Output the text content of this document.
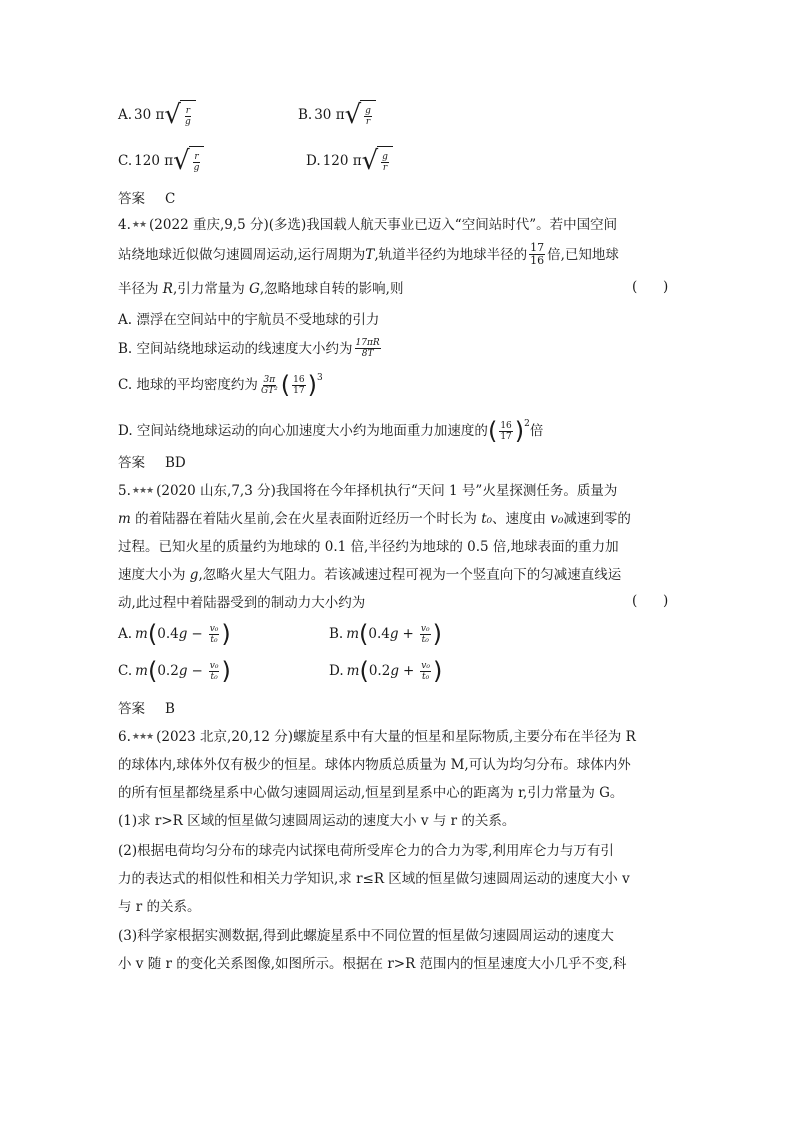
A. 30 π √ $\frac{r}{g}$	B. 30 π √ $\frac{g}{r}$
C. 120 π √ $\frac{r}{g}$	D. 120 π √ $\frac{g}{r}$
答案 C
4.★★ (2022 重庆,9,5 分)(多选)我国载人航天事业已迈入“空间站时代”。若中国空间
站绕地球近似做匀速圆周运动,运行周期为 T ,轨道半径约为地球半径的 $\frac{17}{16}$ 倍,已知地球
半径为 R,引力常量为 G,忽略地球自转的影响,则	(      )
A. 漂浮在空间站中的宇航员不受地球的引力
B. 空间站绕地球运动的线速度大小约为 $\frac{17\pi R}{8T}$
C. 地球的平均密度约为 $\frac{3\pi}{\text{GT²}}$ ( $\frac{16}{17} )^3$
D. 空间站绕地球运动的向心加速度大小约为地面重力加速度的 ( $\frac{16}{17} )^2$ 倍
答案 BD
5.★★★ (2020 山东,7,3 分)我国将在今年择机执行“天问 1 号”火星探测任务。质量为
m 的着陆器在着陆火星前,会在火星表面附近经历一个时长为 t₀、速度由 v₀减速到零的
过程。已知火星的质量约为地球的 0.1 倍,半径约为地球的 0.5 倍,地球表面的重力加
速度大小为 g,忽略火星大气阻力。若该减速过程可视为一个竖直向下的匀减速直线运
动,此过程中着陆器受到的制动力大小约为	(      )
A. m ( 0.4 $g - \frac{\text{v₀}}{\text{t₀}}$ )	B. m ( 0.4 $g + \frac{\text{v₀}}{\text{t₀}}$ )
C. m ( 0.2 $g - \frac{\text{v₀}}{\text{t₀}}$ )	D. m ( 0.2 $g + \frac{\text{v₀}}{\text{t₀}}$ )
答案 B
6.★★★ (2023 北京,20,12 分)螺旋星系中有大量的恒星和星际物质,主要分布在半径为 R
的球体内,球体外仅有极少的恒星。球体内物质总质量为 M,可认为均匀分布。球体内外
的所有恒星都绕星系中心做匀速圆周运动,恒星到星系中心的距离为 r,引力常量为 G。
(1)求 r>R 区域的恒星做匀速圆周运动的速度大小 v 与 r 的关系。
(2)根据电荷均匀分布的球壳内试探电荷所受库仑力的合力为零,利用库仑力与万有引
力的表达式的相似性和相关力学知识,求 r≤R 区域的恒星做匀速圆周运动的速度大小 v
与 r 的关系。
(3)科学家根据实测数据,得到此螺旋星系中不同位置的恒星做匀速圆周运动的速度大
小 v 随 r 的变化关系图像,如图所示。根据在 r>R 范围内的恒星速度大小几乎不变,科
